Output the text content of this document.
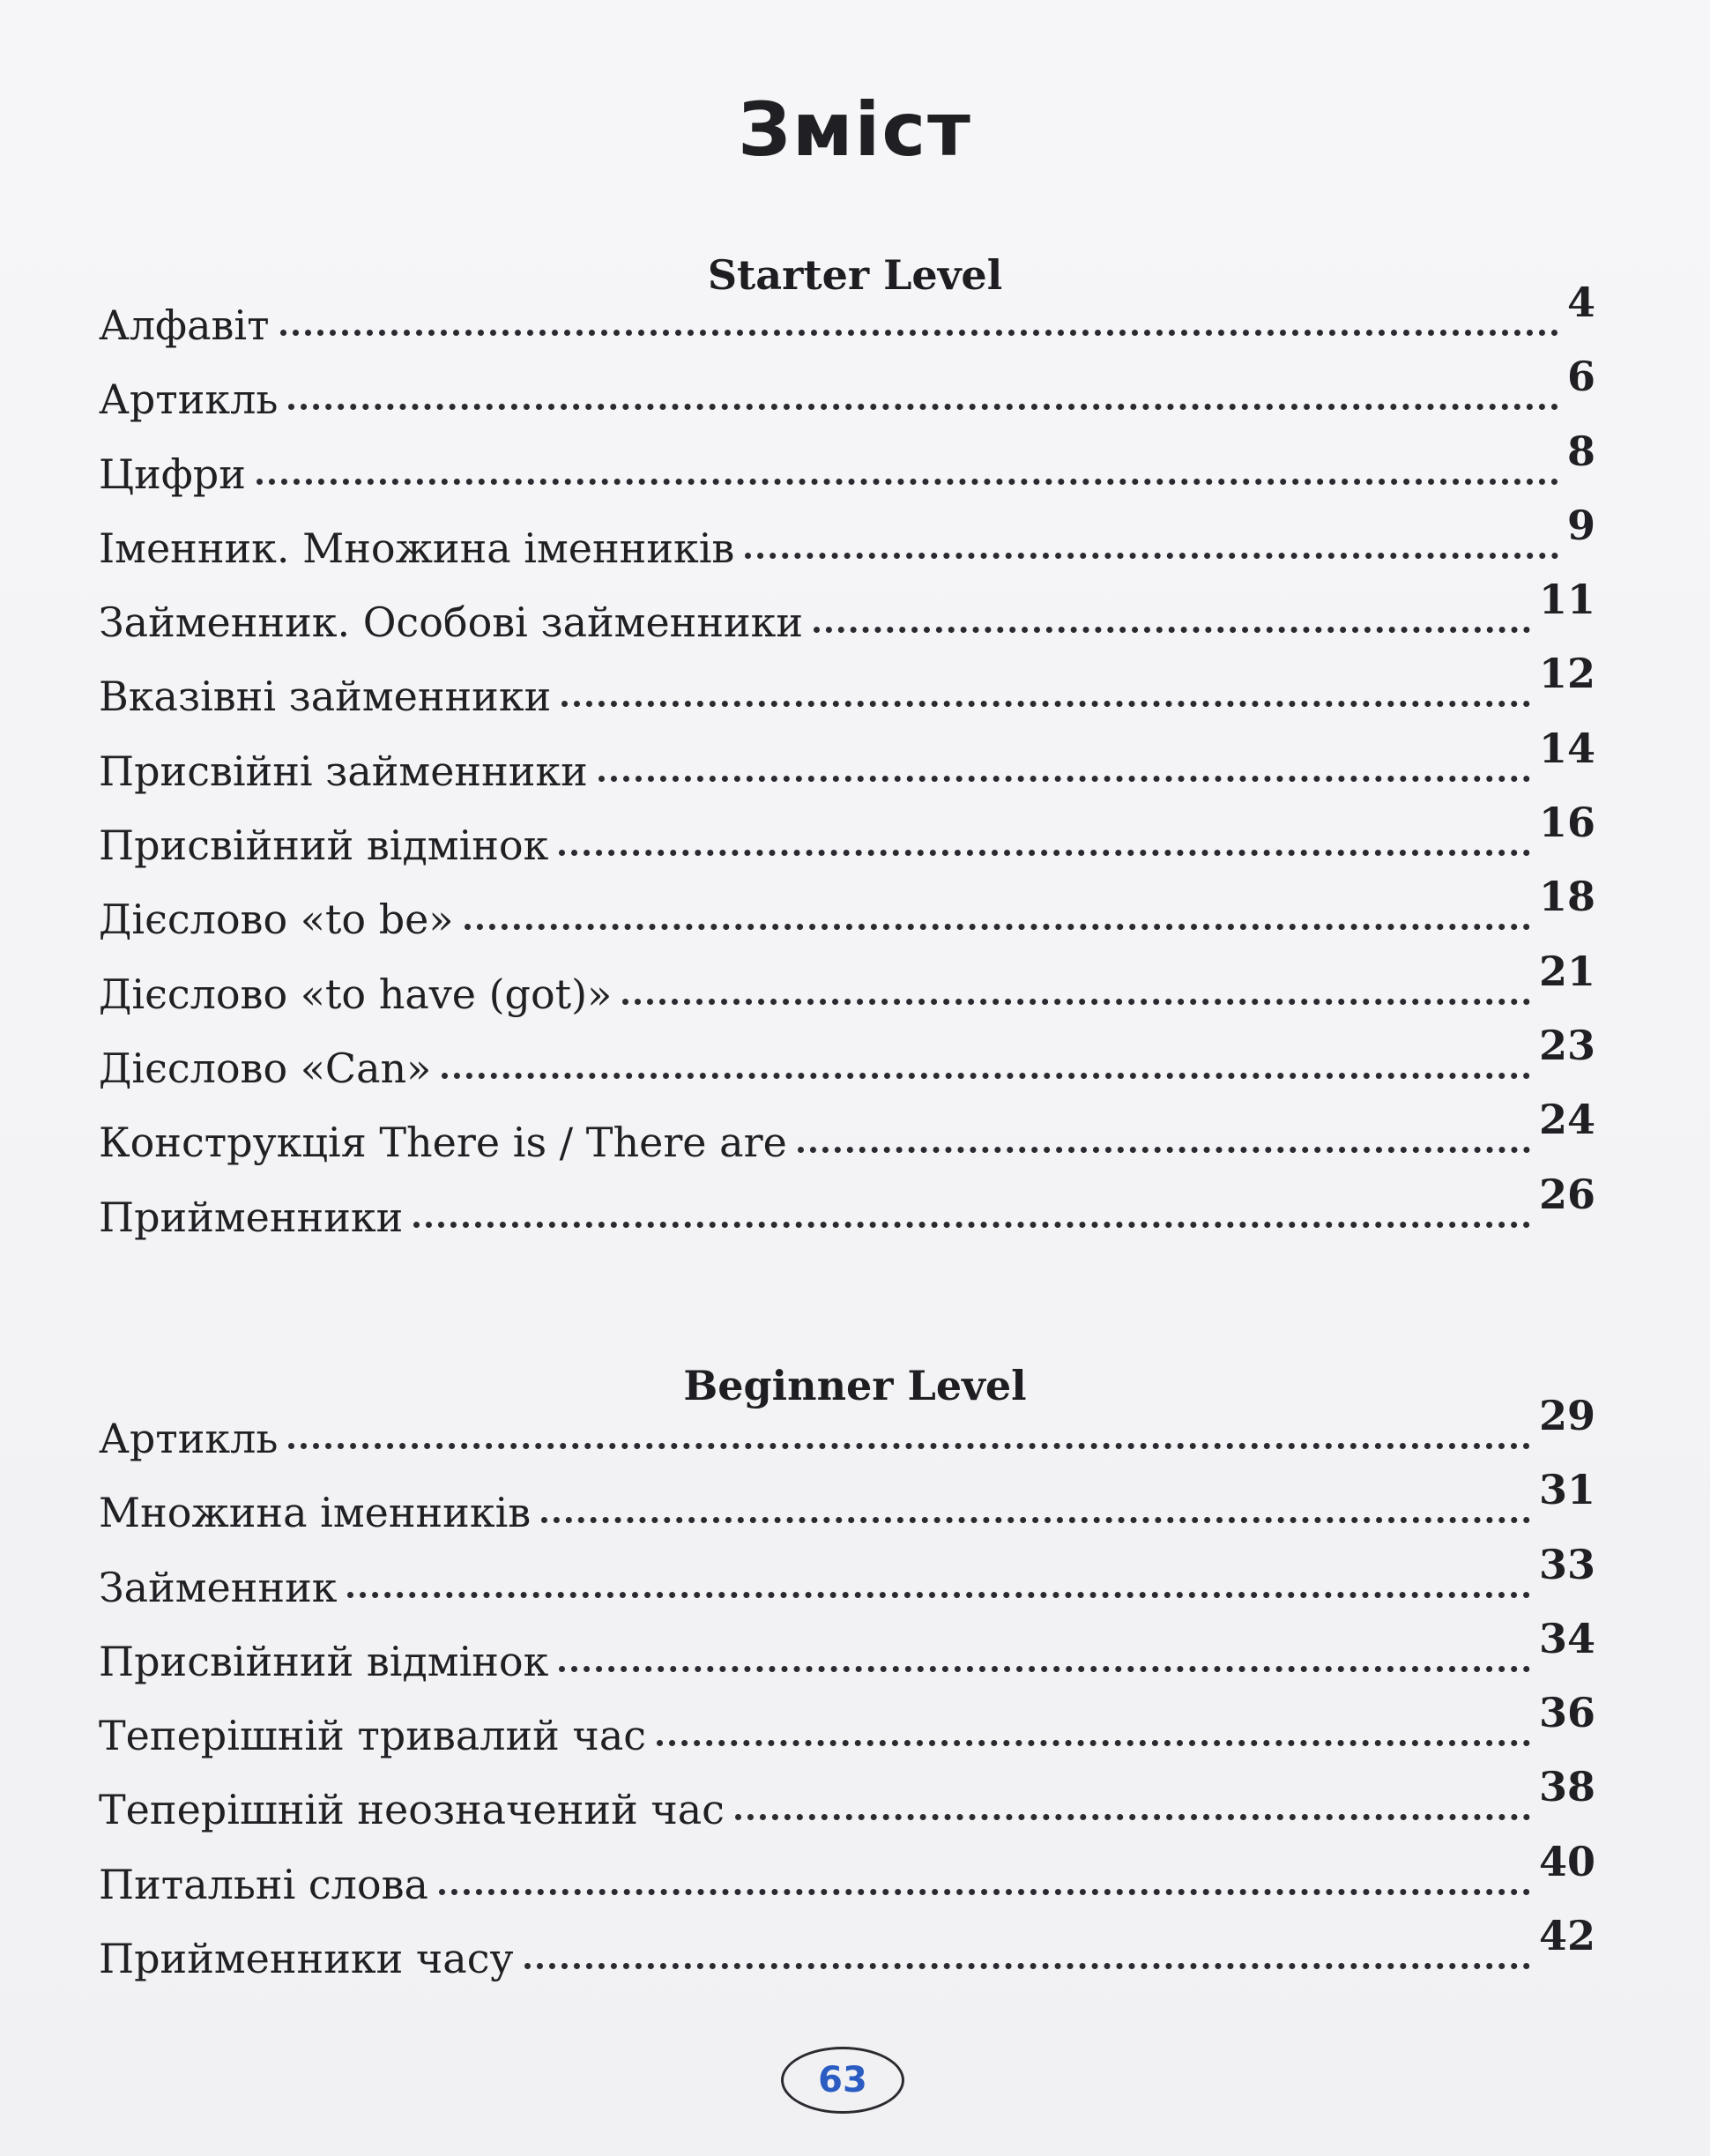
Зміст
Starter Level
Алфавіт	4
Артикль	6
Цифри	8
Іменник. Множина іменників	9
Займенник. Особові займенники	11
Вказівні займенники	12
Присвійні займенники	14
Присвійний відмінок	16
Дієслово «to be»	18
Дієслово «to have (got)»	21
Дієслово «Can»	23
Конструкція There is / There are	24
Прийменники	26
Beginner Level
Артикль	29
Множина іменників	31
Займенник	33
Присвійний відмінок	34
Теперішній тривалий час	36
Теперішній неозначений час	38
Питальні слова	40
Прийменники часу	42
63
